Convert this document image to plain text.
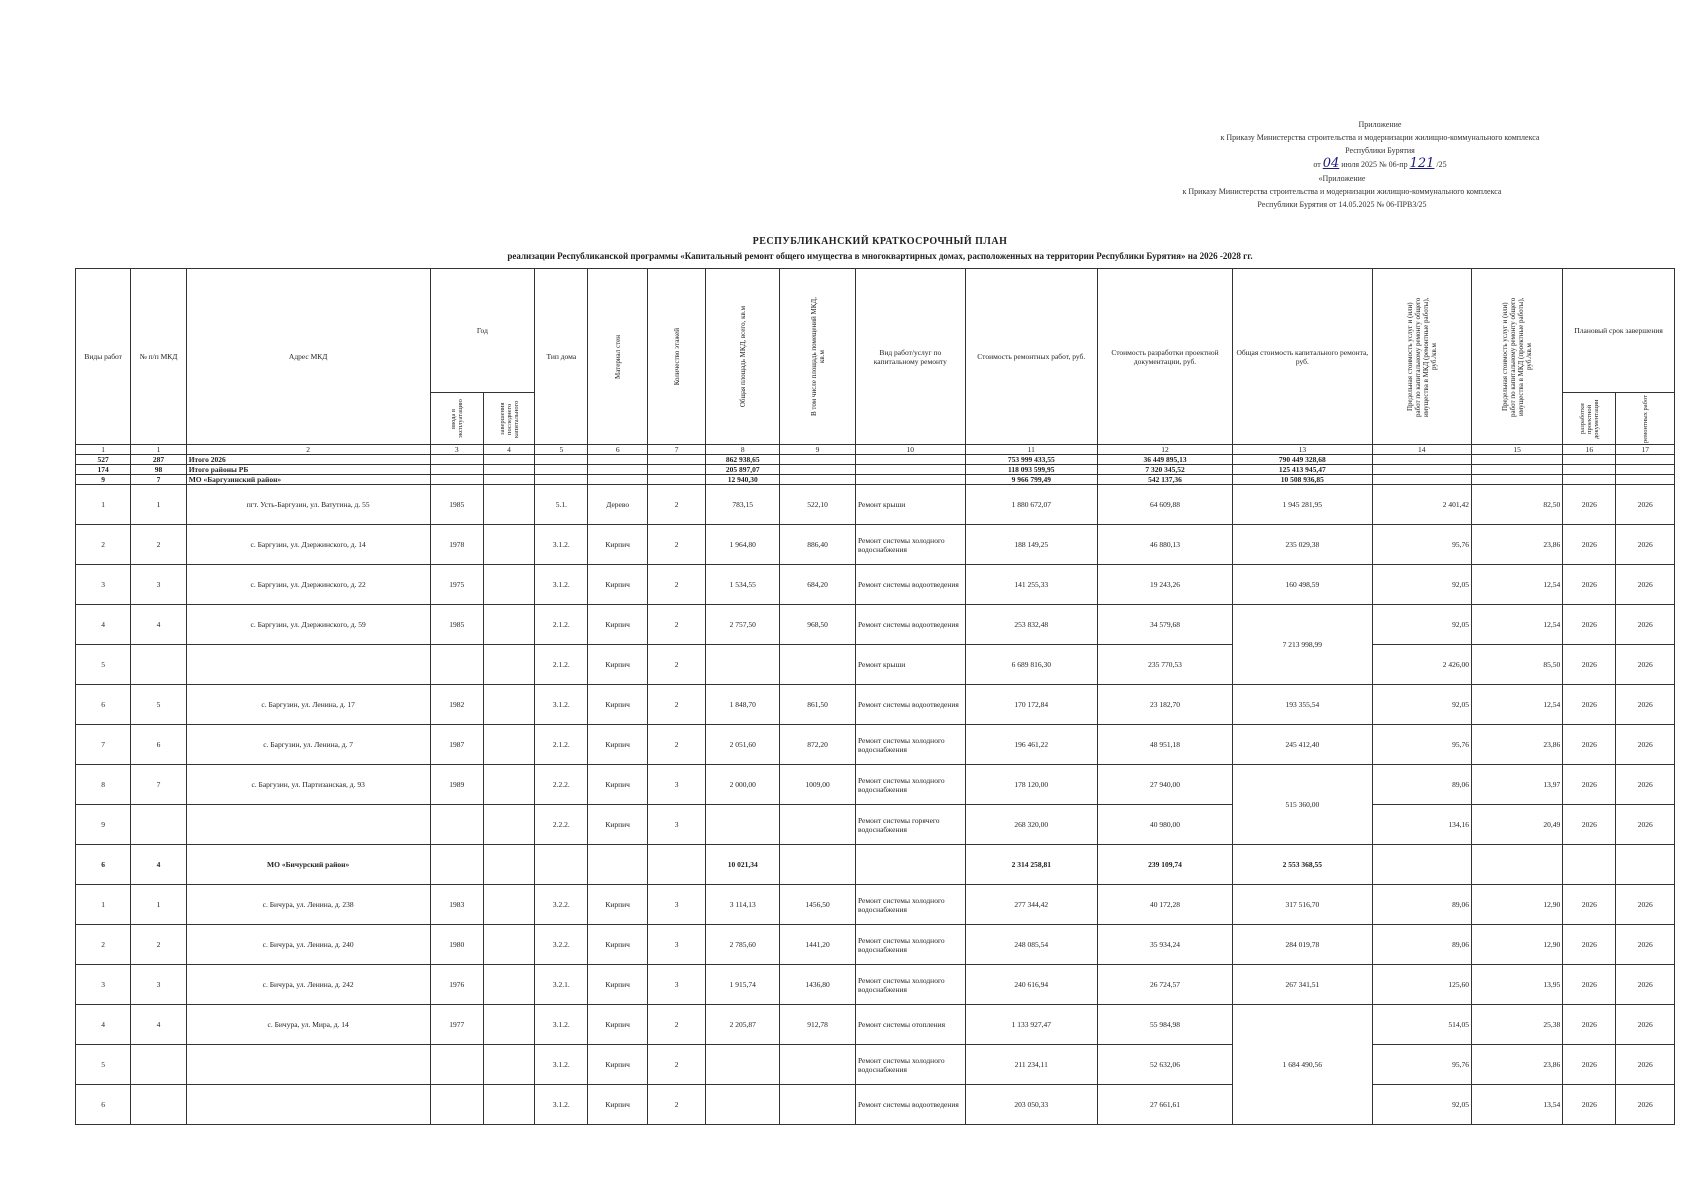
Приложение
к Приказу Министерства строительства и модернизации жилищно-коммунального комплекса
Республики Бурятия
от 04 июля 2025 № 06-пр 121 /25
«Приложение
к Приказу Министерства строительства и модернизации жилищно-коммунального комплекса
Республики Бурятия от 14.05.2025 № 06-ПРВ3/25
РЕСПУБЛИКАНСКИЙ КРАТКОСРОЧНЫЙ ПЛАН
реализации Республиканской программы «Капитальный ремонт общего имущества в многоквартирных домах, расположенных на территории Республики Бурятия» на 2026 -2028 гг.
Виды работ	№ п/п МКД	Адрес МКД	Год		Тип дома	Материал стен	Количество этажей	Общая площадь МКД, всего, кв.м	В том числе площадь помещений МКД, кв.м	Вид работ/услуг по капитальному ремонту	Стоимость ремонтных работ, руб.	Стоимость разработки проектной документации, руб.	Общая стоимость капитального ремонта, руб.	Предельная стоимость услуг и (или) работ по капитальному ремонту общего имущества в МКД (ремонтные работы), руб./кв.м	Предельная стоимость услуг и (или) работ по капитальному ремонту общего имущества в МКД (проектные работы), руб./кв.м	Плановый срок завершения	

			ввода в эксплуатацию	завершения последнего капитального												разработки проектной документации	ремонтных работ

1	1	2	3	4	5	6	7	8	9	10	11	12	13	14	15	16	17
527	287	Итого 2026						862 938,65			753 999 433,55	36 449 895,13	790 449 328,68				
174	98	Итого районы РБ						205 897,07			118 093 599,95	7 320 345,52	125 413 945,47				
9	7	МО «Баргузинский район»						12 940,30			9 966 799,49	542 137,36	10 508 936,85				
1	1	пгт. Усть-Баргузин, ул. Ватутина, д. 55	1985		5.1.	Дерево	2	783,15	522,10	Ремонт крыши	1 880 672,07	64 609,88	1 945 281,95	2 401,42	82,50	2026	2026
2	2	с. Баргузин, ул. Дзержинского, д. 14	1978		3.1.2.	Кирпич	2	1 964,80	886,40	Ремонт системы холодного водоснабжения	188 149,25	46 880,13	235 029,38	95,76	23,86	2026	2026
3	3	с. Баргузин, ул. Дзержинского, д. 22	1975		3.1.2.	Кирпич	2	1 534,55	684,20	Ремонт системы водоотведения	141 255,33	19 243,26	160 498,59	92,05	12,54	2026	2026
4	4	с. Баргузин, ул. Дзержинского, д. 59	1985		2.1.2.	Кирпич	2	2 757,50	968,50	Ремонт системы водоотведения	253 832,48	34 579,68	7 213 998,99	92,05	12,54	2026	2026
5					2.1.2.	Кирпич	2			Ремонт крыши	6 689 816,30	235 770,53		2 426,00	85,50	2026	2026
6	5	с. Баргузин, ул. Ленина, д. 17	1982		3.1.2.	Кирпич	2	1 848,70	861,50	Ремонт системы водоотведения	170 172,84	23 182,70	193 355,54	92,05	12,54	2026	2026
7	6	с. Баргузин, ул. Ленина, д. 7	1987		2.1.2.	Кирпич	2	2 051,60	872,20	Ремонт системы холодного водоснабжения	196 461,22	48 951,18	245 412,40	95,76	23,86	2026	2026
8	7	с. Баргузин, ул. Партизанская, д. 93	1989		2.2.2.	Кирпич	3	2 000,00	1009,00	Ремонт системы холодного водоснабжения	178 120,00	27 940,00	515 360,00	89,06	13,97	2026	2026
9					2.2.2.	Кирпич	3			Ремонт системы горячего водоснабжения	268 320,00	40 980,00		134,16	20,49	2026	2026
6	4	МО «Бичурский район»						10 021,34			2 314 258,81	239 109,74	2 553 368,55				
1	1	с. Бичура, ул. Ленина, д. 238	1983		3.2.2.	Кирпич	3	3 114,13	1456,50	Ремонт системы холодного водоснабжения	277 344,42	40 172,28	317 516,70	89,06	12,90	2026	2026
2	2	с. Бичура, ул. Ленина, д. 240	1980		3.2.2.	Кирпич	3	2 785,60	1441,20	Ремонт системы холодного водоснабжения	248 085,54	35 934,24	284 019,78	89,06	12,90	2026	2026
3	3	с. Бичура, ул. Ленина, д. 242	1976		3.2.1.	Кирпич	3	1 915,74	1436,80	Ремонт системы холодного водоснабжения	240 616,94	26 724,57	267 341,51	125,60	13,95	2026	2026
4	4	с. Бичура, ул. Мира, д. 14	1977		3.1.2.	Кирпич	2	2 205,87	912,78	Ремонт системы отопления	1 133 927,47	55 984,98	1 684 490,56	514,05	25,38	2026	2026
5					3.1.2.	Кирпич	2			Ремонт системы холодного водоснабжения	211 234,11	52 632,06		95,76	23,86	2026	2026
6					3.1.2.	Кирпич	2			Ремонт системы водоотведения	203 050,33	27 661,61		92,05	13,54	2026	2026
